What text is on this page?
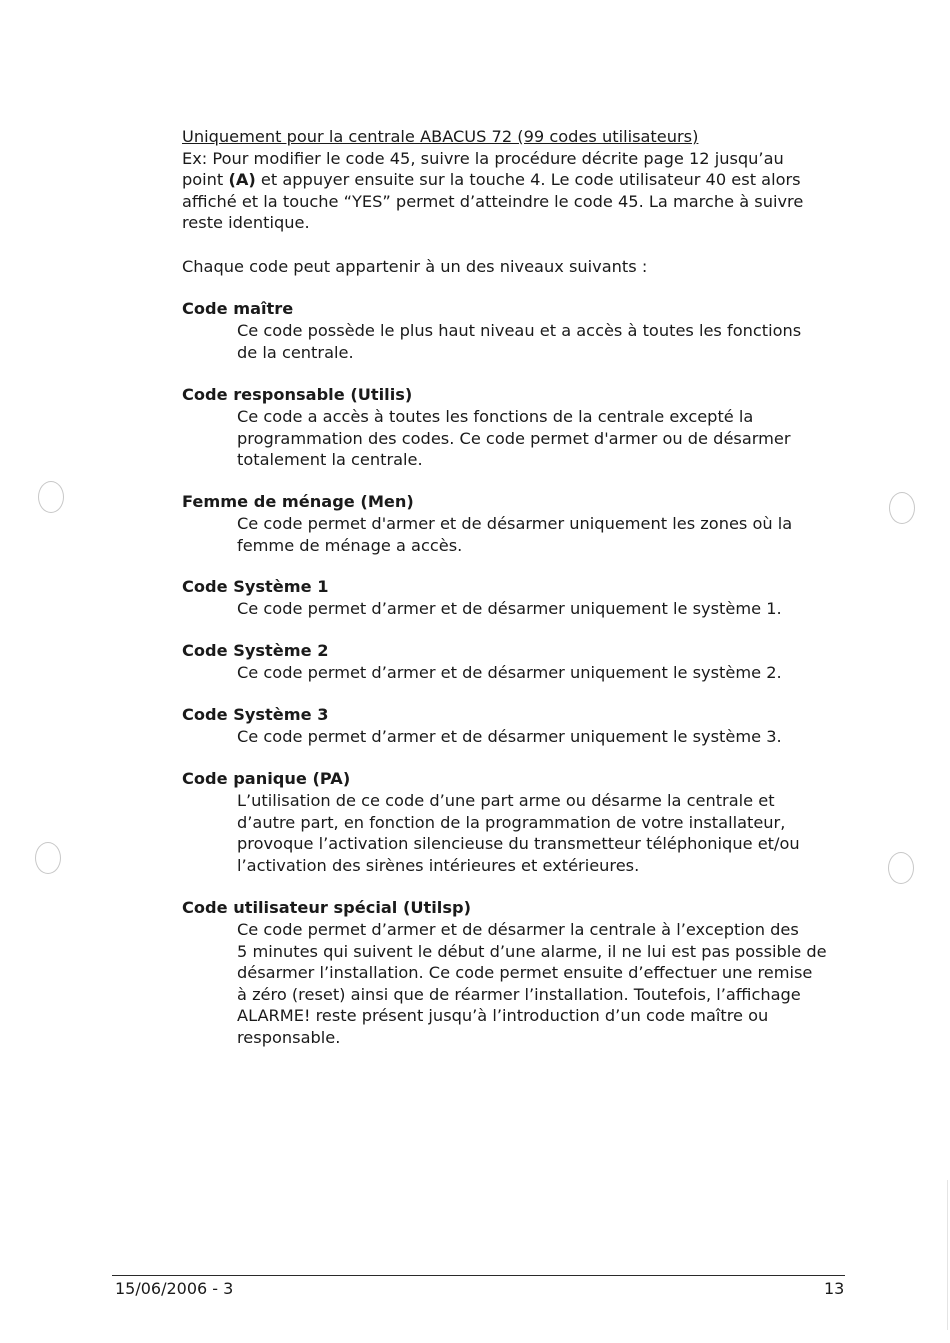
Uniquement pour la centrale ABACUS 72 (99 codes utilisateurs)
Ex: Pour modifier le code 45, suivre la procédure décrite page 12 jusqu’au
point (A) et appuyer ensuite sur la touche 4. Le code utilisateur 40 est alors
affiché et la touche “YES” permet d’atteindre le code 45. La marche à suivre
reste identique.
Chaque code peut appartenir à un des niveaux suivants :
Code maître
Ce code possède le plus haut niveau et a accès à toutes les fonctions
de la centrale.
Code responsable (Utilis)
Ce code a accès à toutes les fonctions de la centrale excepté la
programmation des codes. Ce code permet d'armer ou de désarmer
totalement la centrale.
Femme de ménage (Men)
Ce code permet d'armer et de désarmer uniquement les zones où la
femme de ménage a accès.
Code Système 1
Ce code permet d’armer et de désarmer uniquement le système 1.
Code Système 2
Ce code permet d’armer et de désarmer uniquement le système 2.
Code Système 3
Ce code permet d’armer et de désarmer uniquement le système 3.
Code panique (PA)
L’utilisation de ce code d’une part arme ou désarme la centrale et
d’autre part, en fonction de la programmation de votre installateur,
provoque l’activation silencieuse du transmetteur téléphonique et/ou
l’activation des sirènes intérieures et extérieures.
Code utilisateur spécial (Utilsp)
Ce code permet d’armer et de désarmer la centrale à l’exception des
5 minutes qui suivent le début d’une alarme, il ne lui est pas possible de
désarmer l’installation. Ce code permet ensuite d’effectuer une remise
à zéro (reset) ainsi que de réarmer l’installation. Toutefois, l’affichage
ALARME! reste présent jusqu’à l’introduction d’un code maître ou
responsable.
15/06/2006 - 3	13
